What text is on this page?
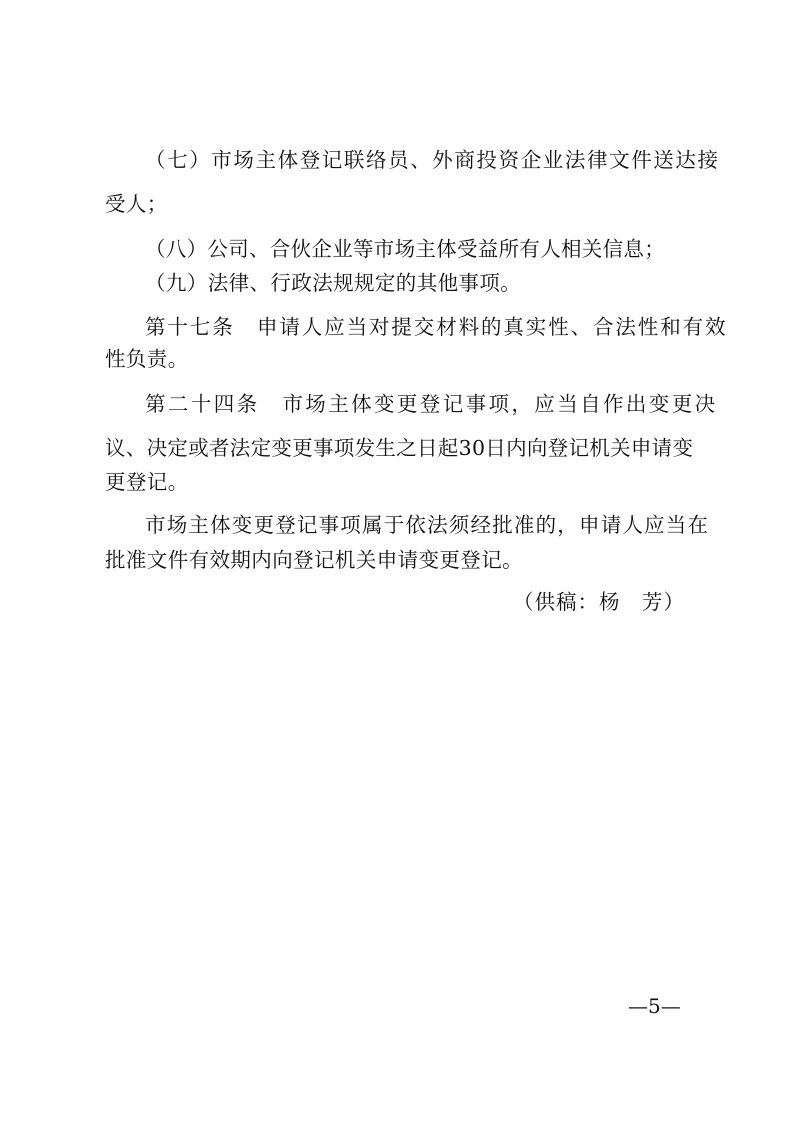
（七）市场主体登记联络员、外商投资企业法律文件送达接
受人；
（八）公司、合伙企业等市场主体受益所有人相关信息；
（九）法律、行政法规规定的其他事项。
第十七条　申请人应当对提交材料的真实性、合法性和有效
性负责。
第二十四条　市场主体变更登记事项，应当自作出变更决
议、决定或者法定变更事项发生之日起30日内向登记机关申请变
更登记。
市场主体变更登记事项属于依法须经批准的，申请人应当在
批准文件有效期内向登记机关申请变更登记。
（供稿：杨　芳）
—5—
